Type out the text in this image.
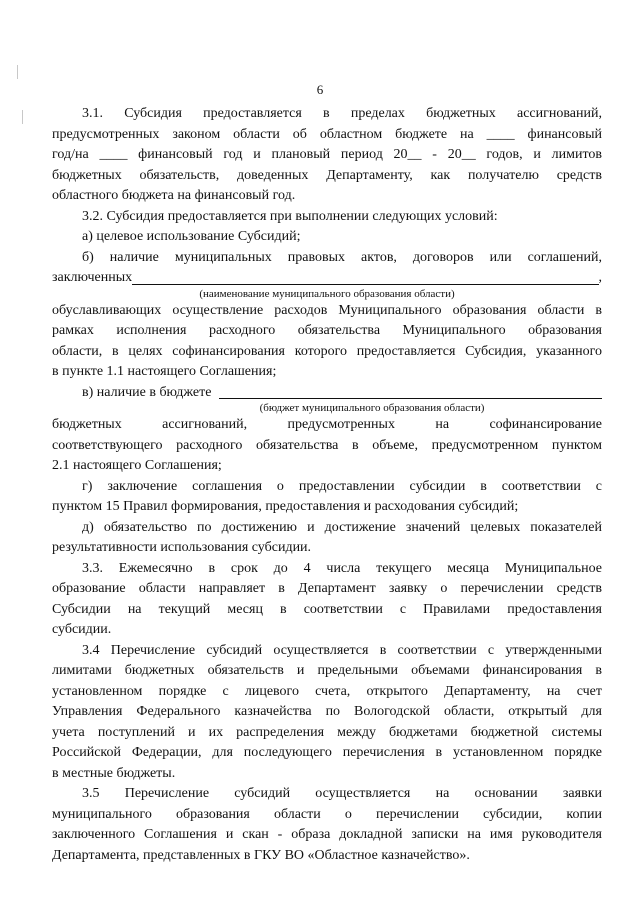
6
3.1. Субсидия предоставляется в пределах бюджетных ассигнований,
предусмотренных законом области об областном бюджете на ____ финансовый
год/на ____ финансовый год и плановый период 20__ - 20__ годов, и лимитов
бюджетных обязательств, доведенных Департаменту, как получателю средств

областного бюджета на финансовый год.

3.2. Субсидия предоставляется при выполнении следующих условий:

а) целевое использование Субсидий;

б) наличие муниципальных правовых актов, договоров или соглашений,
заключенных	,
(наименование муниципального образования области)
обуславливающих осуществление расходов Муниципального образования области в
рамках исполнения расходного обязательства Муниципального образования
области, в целях софинансирования которого предоставляется Субсидия, указанного

в пункте 1.1 настоящего Соглашения;

в) наличие в бюджете
(бюджет муниципального образования области)
бюджетных ассигнований, предусмотренных на софинансирование
соответствующего расходного обязательства в объеме, предусмотренном пунктом

2.1 настоящего Соглашения;

г) заключение соглашения о предоставлении субсидии в соответствии с

пунктом 15 Правил формирования, предоставления и расходования субсидий;

д) обязательство по достижению и достижение значений целевых показателей

результативности использования субсидии.

3.3. Ежемесячно в срок до 4 числа текущего месяца Муниципальное
образование области направляет в Департамент заявку о перечислении средств
Субсидии на текущий месяц в соответствии с Правилами предоставления

субсидии.

3.4 Перечисление субсидий осуществляется в соответствии с утвержденными
лимитами бюджетных обязательств и предельными объемами финансирования в
установленном порядке с лицевого счета, открытого Департаменту, на счет
Управления Федерального казначейства по Вологодской области, открытый для
учета поступлений и их распределения между бюджетами бюджетной системы
Российской Федерации, для последующего перечисления в установленном порядке

в местные бюджеты.

3.5 Перечисление субсидий осуществляется на основании заявки
муниципального образования области о перечислении субсидии, копии
заключенного Соглашения и скан - образа докладной записки на имя руководителя

Департамента, представленных в ГКУ ВО «Областное казначейство».
